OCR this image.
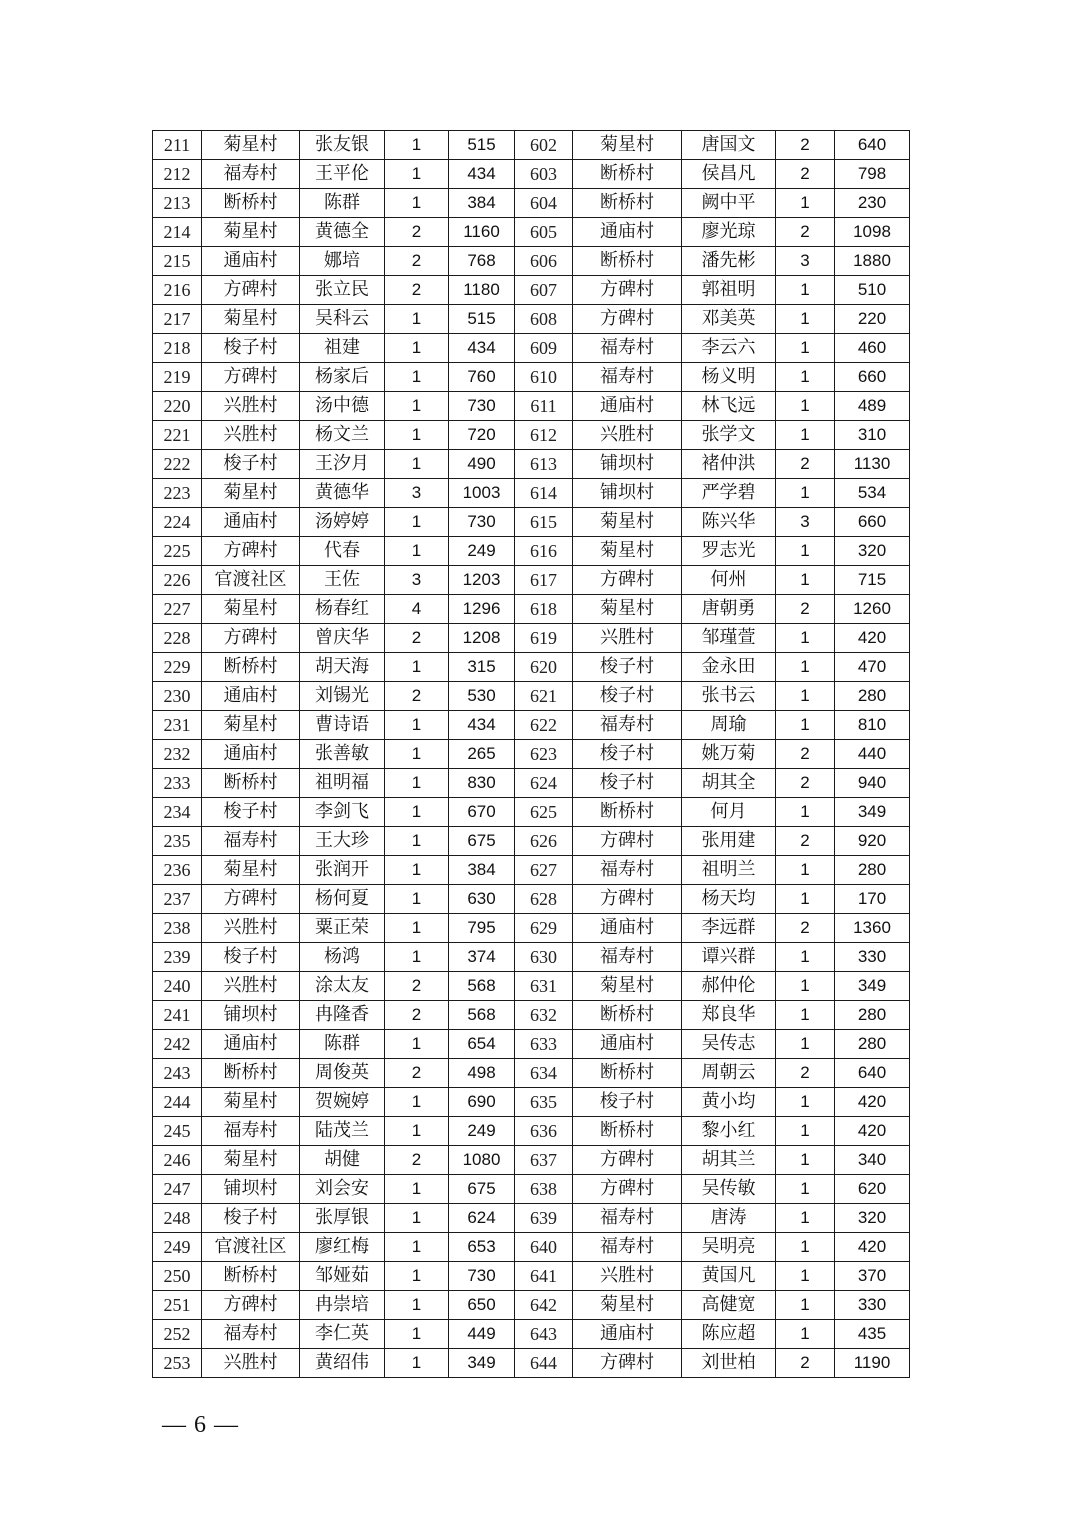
211	菊星村	张友银	1	515	602	菊星村	唐国文	2	640
212	福寿村	王平伦	1	434	603	断桥村	侯昌凡	2	798
213	断桥村	陈群	1	384	604	断桥村	阙中平	1	230
214	菊星村	黄德全	2	1160	605	通庙村	廖光琼	2	1098
215	通庙村	娜培	2	768	606	断桥村	潘先彬	3	1880
216	方碑村	张立民	2	1180	607	方碑村	郭祖明	1	510
217	菊星村	吴科云	1	515	608	方碑村	邓美英	1	220
218	梭子村	祖建	1	434	609	福寿村	李云六	1	460
219	方碑村	杨家后	1	760	610	福寿村	杨义明	1	660
220	兴胜村	汤中德	1	730	611	通庙村	林飞远	1	489
221	兴胜村	杨文兰	1	720	612	兴胜村	张学文	1	310
222	梭子村	王汐月	1	490	613	铺坝村	褚仲洪	2	1130
223	菊星村	黄德华	3	1003	614	铺坝村	严学碧	1	534
224	通庙村	汤婷婷	1	730	615	菊星村	陈兴华	3	660
225	方碑村	代春	1	249	616	菊星村	罗志光	1	320
226	官渡社区	王佐	3	1203	617	方碑村	何州	1	715
227	菊星村	杨春红	4	1296	618	菊星村	唐朝勇	2	1260
228	方碑村	曾庆华	2	1208	619	兴胜村	邹瑾萱	1	420
229	断桥村	胡天海	1	315	620	梭子村	金永田	1	470
230	通庙村	刘锡光	2	530	621	梭子村	张书云	1	280
231	菊星村	曹诗语	1	434	622	福寿村	周瑜	1	810
232	通庙村	张善敏	1	265	623	梭子村	姚万菊	2	440
233	断桥村	祖明福	1	830	624	梭子村	胡其全	2	940
234	梭子村	李剑飞	1	670	625	断桥村	何月	1	349
235	福寿村	王大珍	1	675	626	方碑村	张用建	2	920
236	菊星村	张润开	1	384	627	福寿村	祖明兰	1	280
237	方碑村	杨何夏	1	630	628	方碑村	杨天均	1	170
238	兴胜村	粟正荣	1	795	629	通庙村	李远群	2	1360
239	梭子村	杨鸿	1	374	630	福寿村	谭兴群	1	330
240	兴胜村	涂太友	2	568	631	菊星村	郝仲伦	1	349
241	铺坝村	冉隆香	2	568	632	断桥村	郑良华	1	280
242	通庙村	陈群	1	654	633	通庙村	吴传志	1	280
243	断桥村	周俊英	2	498	634	断桥村	周朝云	2	640
244	菊星村	贺婉婷	1	690	635	梭子村	黄小均	1	420
245	福寿村	陆茂兰	1	249	636	断桥村	黎小红	1	420
246	菊星村	胡健	2	1080	637	方碑村	胡其兰	1	340
247	铺坝村	刘会安	1	675	638	方碑村	吴传敏	1	620
248	梭子村	张厚银	1	624	639	福寿村	唐涛	1	320
249	官渡社区	廖红梅	1	653	640	福寿村	吴明亮	1	420
250	断桥村	邹娅茹	1	730	641	兴胜村	黄国凡	1	370
251	方碑村	冉崇培	1	650	642	菊星村	高健宽	1	330
252	福寿村	李仁英	1	449	643	通庙村	陈应超	1	435
253	兴胜村	黄绍伟	1	349	644	方碑村	刘世柏	2	1190
— 6 —
